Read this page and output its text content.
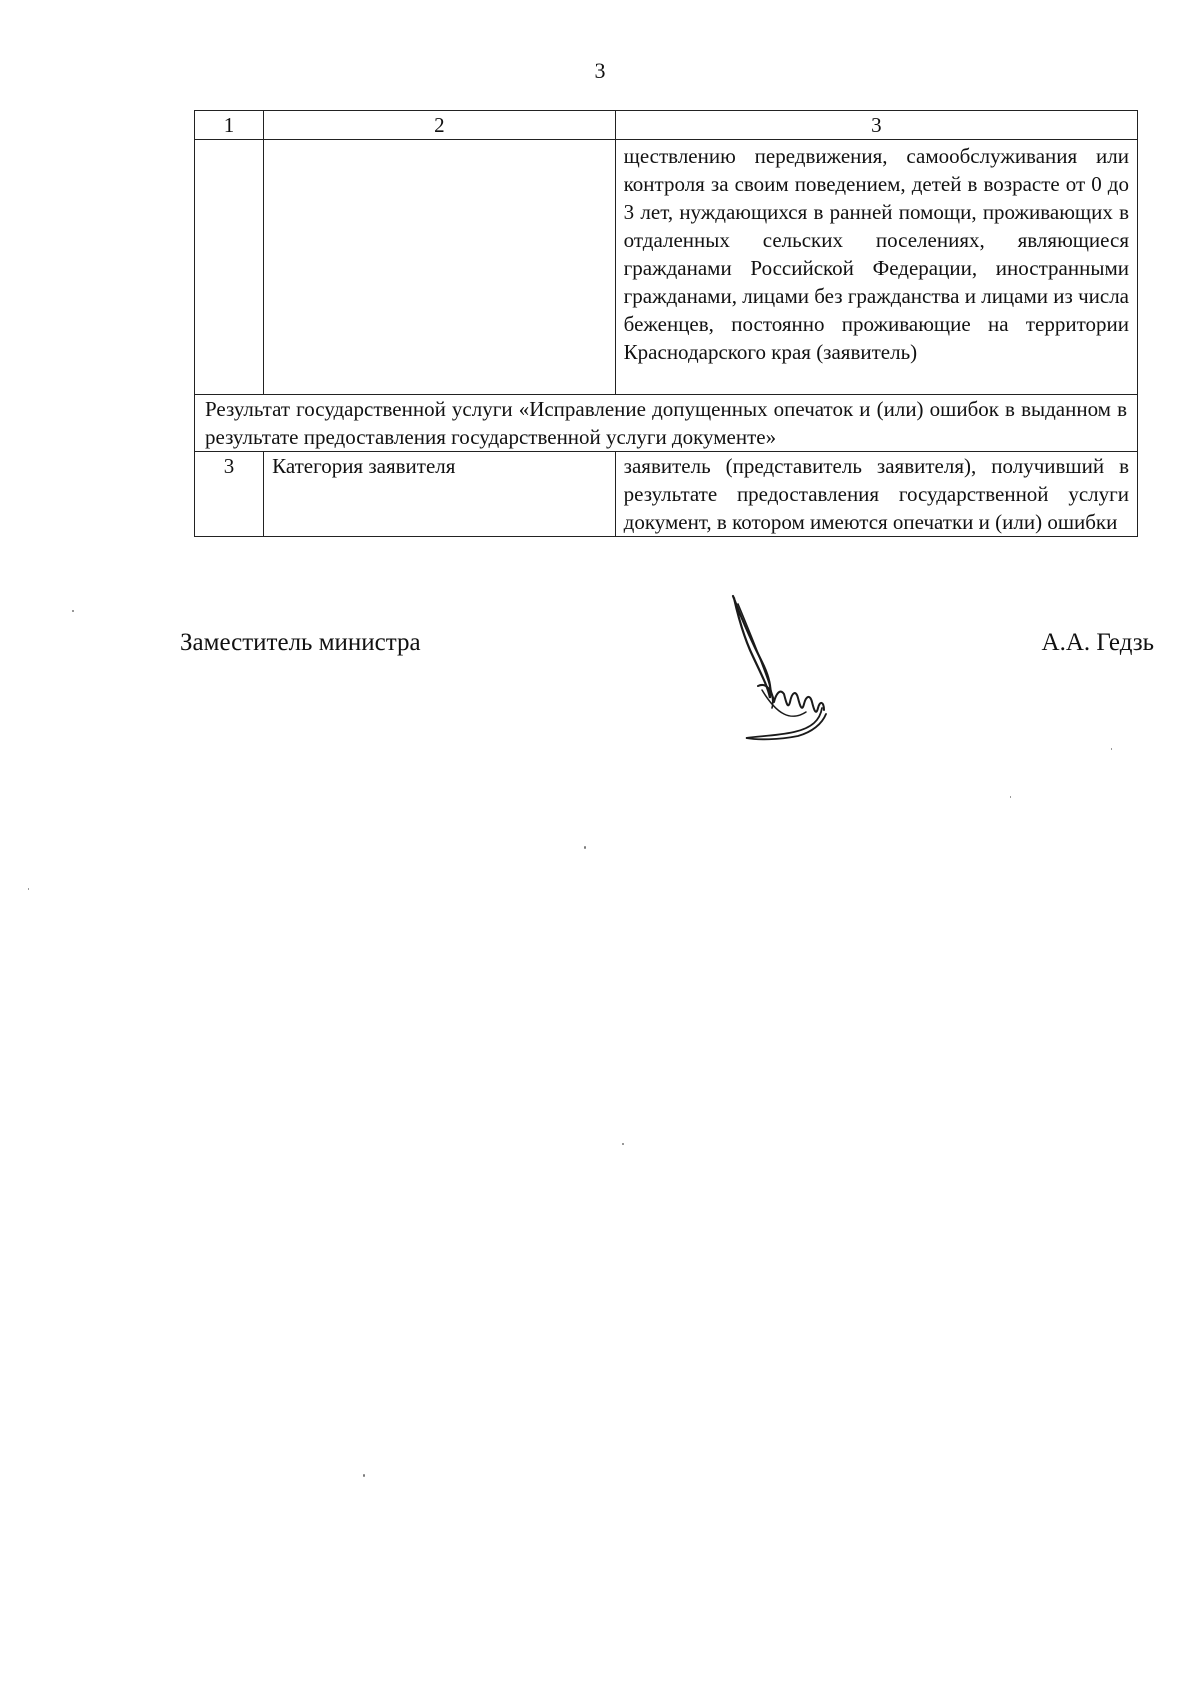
3
1	2	3
		ществлению передвижения, самообслуживания или контроля за своим поведением, детей в возрасте от 0 до 3 лет, нуждающихся в ранней помощи, проживающих в отдаленных сельских поселениях, являющиеся гражданами Российской Федерации, иностранными гражданами, лицами без гражданства и лицами из числа беженцев, постоянно проживающие на территории Краснодарского края (заявитель)
Результат государственной услуги «Исправление допущенных опечаток и (или) ошибок в выданном в результате предоставления государственной услуги документе»		
3	Категория заявителя	заявитель (представитель заявителя), получивший в результате предоставления государственной услуги документ, в котором имеются опечатки и (или) ошибки
Заместитель министра	А.А. Гедзь
